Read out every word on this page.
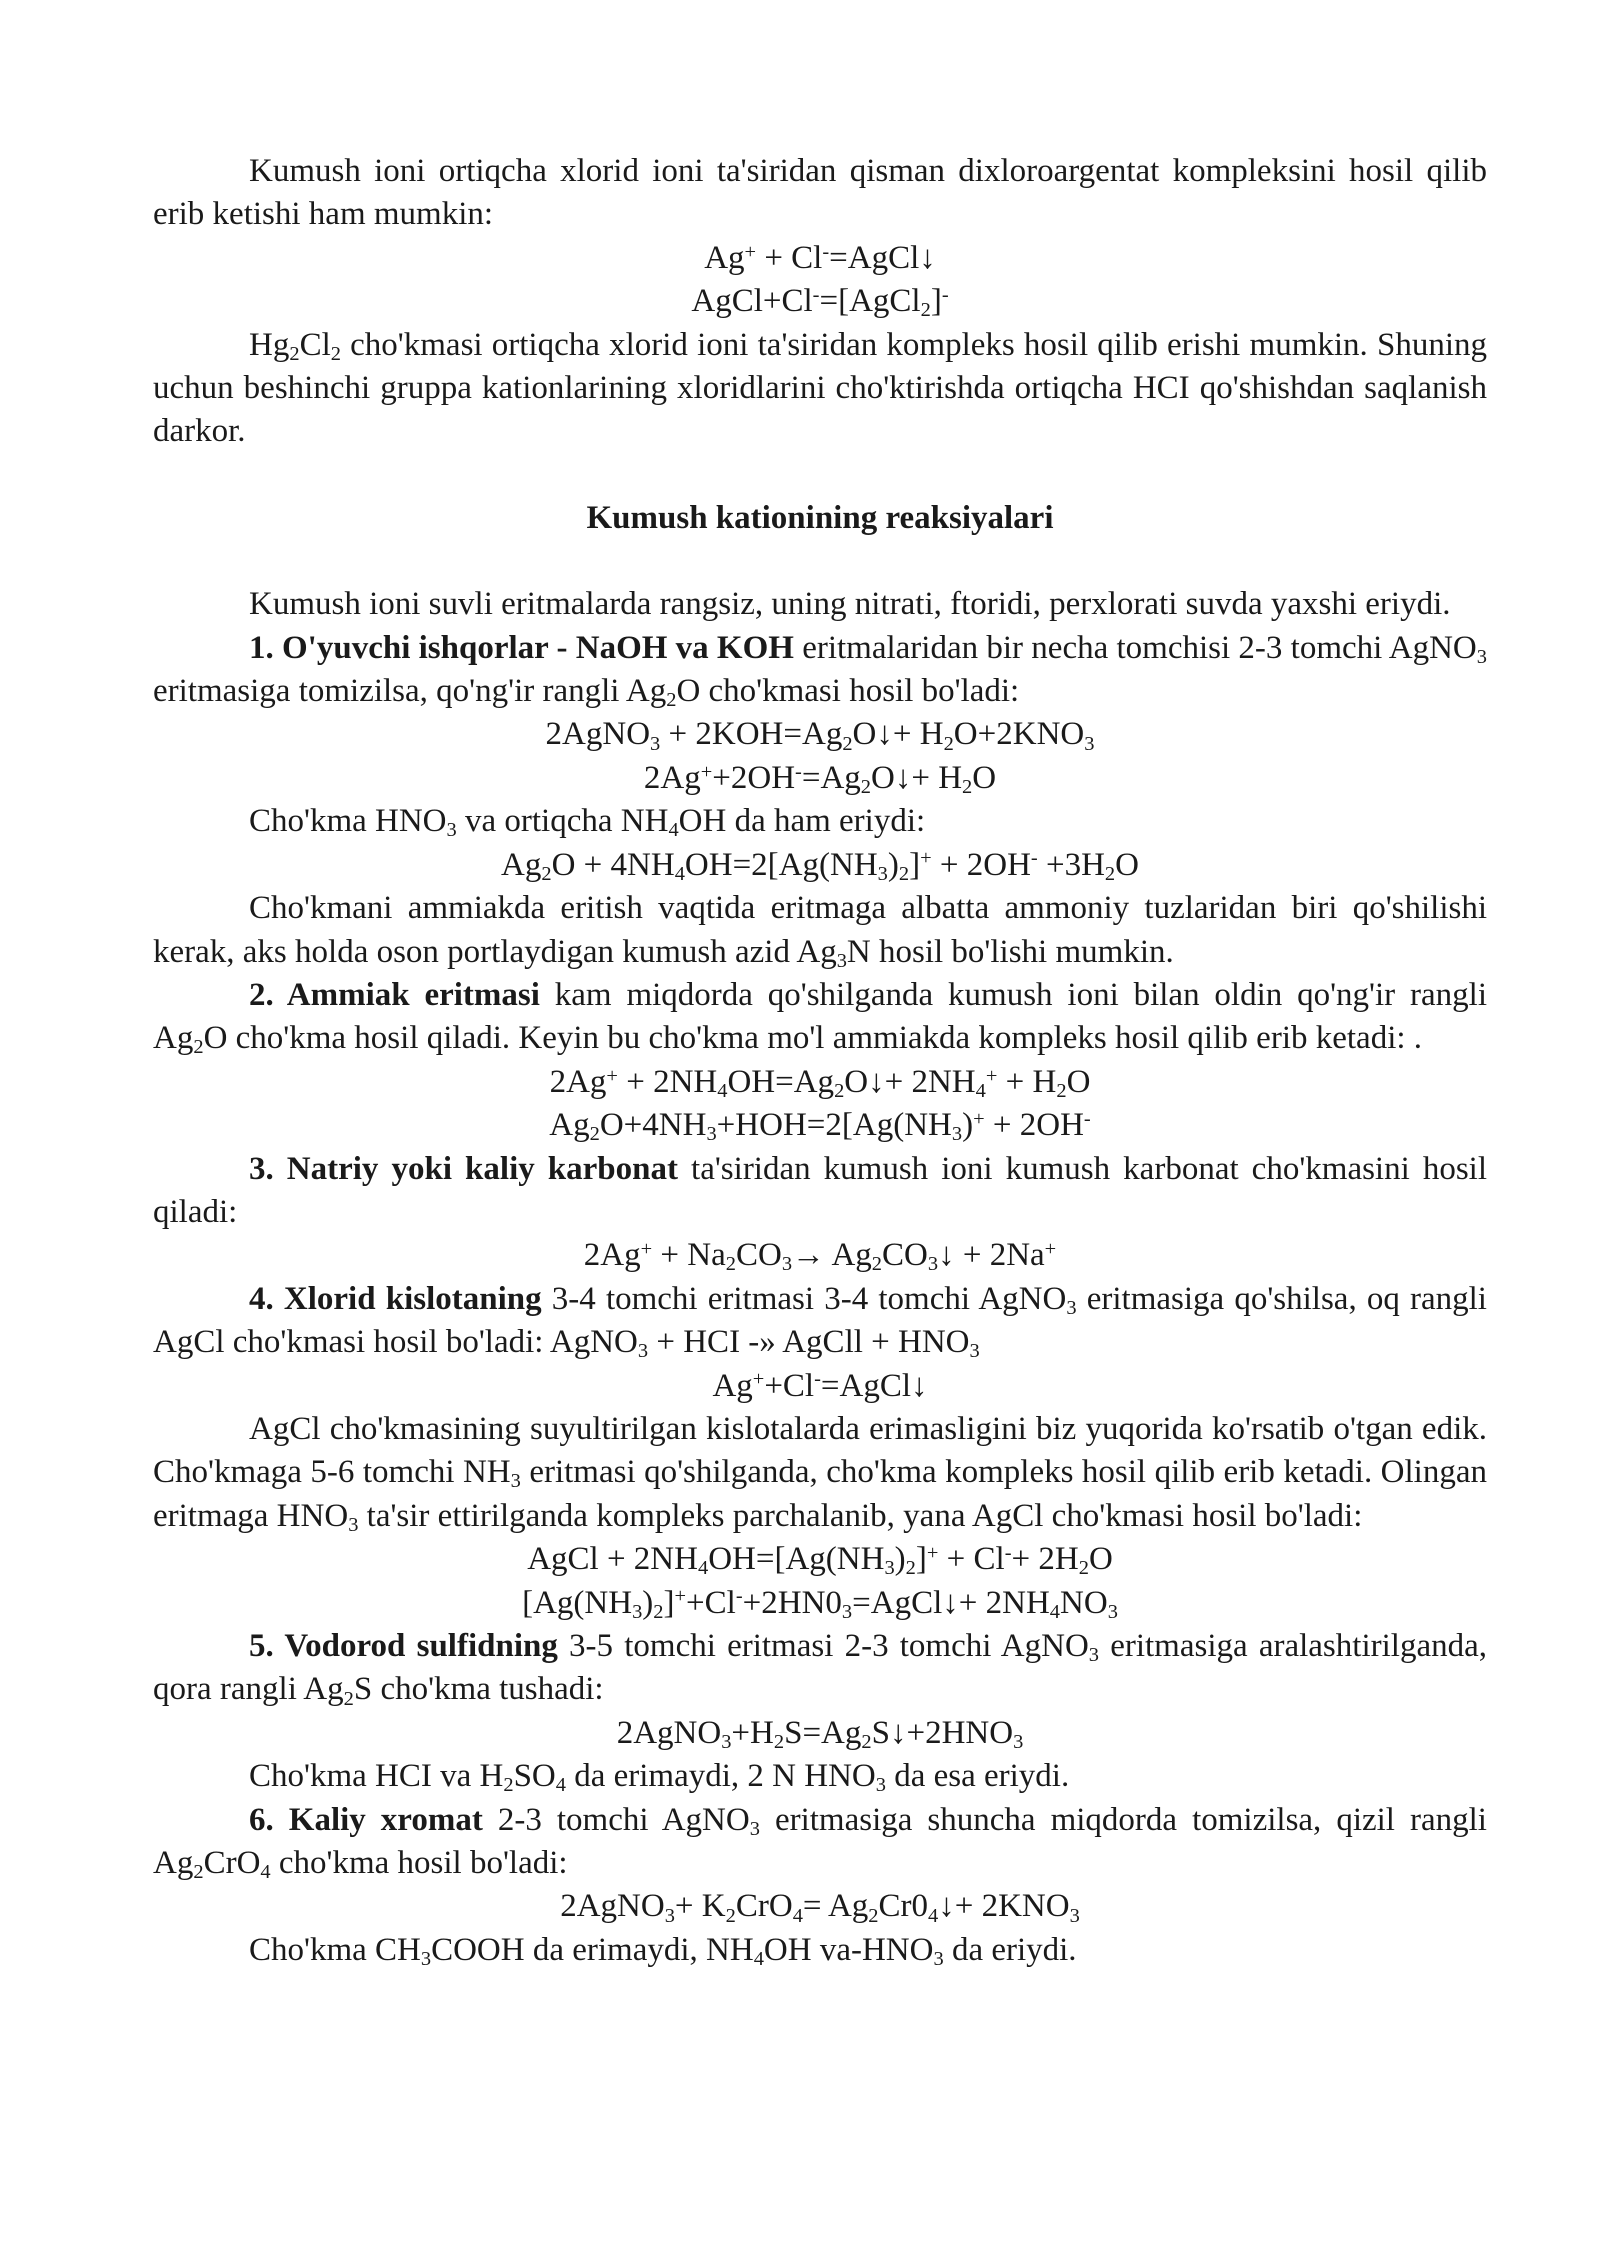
Kumush ioni ortiqcha xlorid ioni ta'siridan qisman dixloroargentat kompleksini hosil qilib erib ketishi ham mumkin:
Ag+ + Cl-=AgCl↓
AgCl+Cl-=[AgCl$_2$]-
$Hg_2Cl_2$ cho'kmasi ortiqcha xlorid ioni ta'siridan kompleks hosil qilib erishi mumkin. Shuning uchun beshinchi gruppa kationlarining xloridlarini cho'ktirishda ortiqcha HCI qo'shishdan saqlanish darkor.
Kumush kationining reaksiyalari
Kumush ioni suvli eritmalarda rangsiz, uning nitrati, ftoridi, perxlorati suvda yaxshi eriydi.
1. O'yuvchi ishqorlar - NaOH va KOH eritmalaridan bir necha tomchisi 2-3 tomchi AgNO$_3$ eritmasiga tomizilsa, qo'ng'ir rangli $Ag_2O$ cho'kmasi hosil bo'ladi:
2AgNO$_3$ + $2KOH=Ag_2O↓+ H_2O+2KNO_3$
$2Ag^++2OH^-=Ag_2O↓+ H_2O$
Cho'kma $HNO_3$ va ortiqcha $NH_4OH$ da ham eriydi:
$Ag_2O + 4NH_4OH=2[Ag(NH_3)_2]^+ + 2OH^- +3H_2O$
Cho'kmani ammiakda eritish vaqtida eritmaga albatta ammoniy tuzlaridan biri qo'shilishi kerak, aks holda oson portlaydigan kumush azid $Ag_3N$ hosil bo'lishi mumkin.
2. Ammiak eritmasi kam miqdorda qo'shilganda kumush ioni bilan oldin qo'ng'ir rangli $Ag_2O$ cho'kma hosil qiladi. Keyin bu cho'kma mo'l ammiakda kompleks hosil qilib erib ketadi: .
$2Ag^+ + 2NH_4OH=Ag_2O↓+ 2NH_4^+ + H_2O$
$Ag_2O+4NH_3+HOH=2[Ag(NH_3)^+ + 2OH^-$
3. Natriy yoki kaliy karbonat ta'siridan kumush ioni kumush karbonat cho'kmasini hosil qiladi:
$2Ag^+ + Na_2CO_3\to$ $Ag_2CO_3↓ + 2Na^+$
4. Xlorid kislotaning 3-4 tomchi eritmasi 3-4 tomchi AgNO$_3$ eritmasiga qo'shilsa, oq rangli AgCl cho'kmasi hosil bo'ladi: AgNO$_3$ + HCI -» AgCll + $HNO_3$
Ag++Cl-=AgCl↓
AgCl cho'kmasining suyultirilgan kislotalarda erimasligini biz yuqorida ko'rsatib o'tgan edik. Cho'kmaga 5-6 tomchi $NH_3$ eritmasi qo'shilganda, cho'kma kompleks hosil qilib erib ketadi. Olingan eritmaga $HNO_3$ ta'sir ettirilganda kompleks parchalanib, yana AgCl cho'kmasi hosil bo'ladi:
AgCl + $2NH_4OH=[Ag(NH_3)_2]^+ + Cl^-+ 2H_2O$
$[Ag(NH_3)_2]^++Cl^-+2HN0_3=AgCl↓+ 2NH_4NO_3$
5. Vodorod sulfidning 3-5 tomchi eritmasi 2-3 tomchi AgNO$_3$ eritmasiga aralashtirilganda, qora rangli $Ag_2S$ cho'kma tushadi:
$2AgNO_3+H_2S=Ag_2S↓+2HNO_3$
Cho'kma HCI va $H_2SO_4$ da erimaydi, 2 N $HNO_3$ da esa eriydi.
6. Kaliy xromat 2-3 tomchi AgNO$_3$ eritmasiga shuncha miqdorda tomizilsa, qizil rangli $Ag_2CrO_4$ cho'kma hosil bo'ladi:
2AgNO$_3$+ $K_2CrO_4=$ $Ag_2Cr0_4↓+ 2KNO_3$
Cho'kma $CH_3COOH$ da erimaydi, $NH_4OH$ $va-HNO_3$ da eriydi.
